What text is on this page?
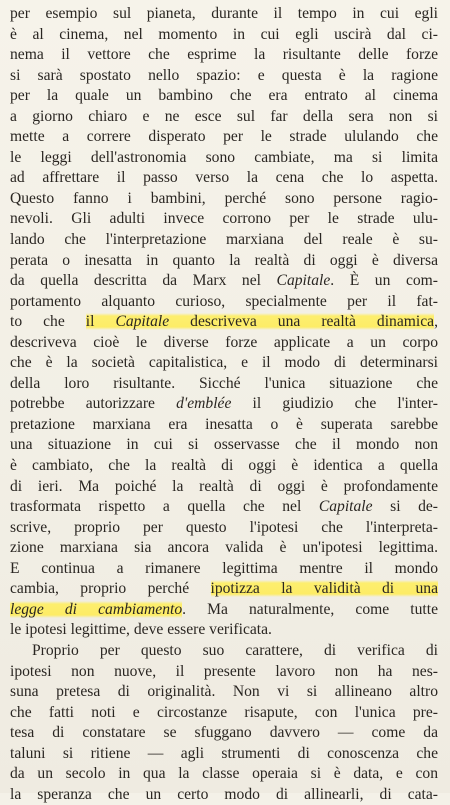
per esempio sul pianeta, durante il tempo in cui egli
è al cinema, nel momento in cui egli uscirà dal ci-
nema il vettore che esprime la risultante delle forze
si sarà spostato nello spazio: e questa è la ragione
per la quale un bambino che era entrato al cinema
a giorno chiaro e ne esce sul far della sera non si
mette a correre disperato per le strade ululando che
le leggi dell'astronomia sono cambiate, ma si limita
ad affrettare il passo verso la cena che lo aspetta.
Questo fanno i bambini, perché sono persone ragio-
nevoli. Gli adulti invece corrono per le strade ulu-
lando che l'interpretazione marxiana del reale è su-
perata o inesatta in quanto la realtà di oggi è diversa
da quella descritta da Marx nel Capitale. È un com-
portamento alquanto curioso, specialmente per il fat-
to che il Capitale descriveva una realtà dinamica,
descriveva cioè le diverse forze applicate a un corpo
che è la società capitalistica, e il modo di determinarsi
della loro risultante. Sicché l'unica situazione che
potrebbe autorizzare d'emblée il giudizio che l'inter-
pretazione marxiana era inesatta o è superata sarebbe
una situazione in cui si osservasse che il mondo non
è cambiato, che la realtà di oggi è identica a quella
di ieri. Ma poiché la realtà di oggi è profondamente
trasformata rispetto a quella che nel Capitale si de-
scrive, proprio per questo l'ipotesi che l'interpreta-
zione marxiana sia ancora valida è un'ipotesi legittima.
E continua a rimanere legittima mentre il mondo
cambia, proprio perché ipotizza la validità di una
legge di cambiamento. Ma naturalmente, come tutte
le ipotesi legittime, deve essere verificata.
Proprio per questo suo carattere, di verifica di
ipotesi non nuove, il presente lavoro non ha nes-
suna pretesa di originalità. Non vi si allineano altro
che fatti noti e circostanze risapute, con l'unica pre-
tesa di constatare se sfuggano davvero — come da
taluni si ritiene — agli strumenti di conoscenza che
da un secolo in qua la classe operaia si è data, e con
la speranza che un certo modo di allinearli, di cata-
